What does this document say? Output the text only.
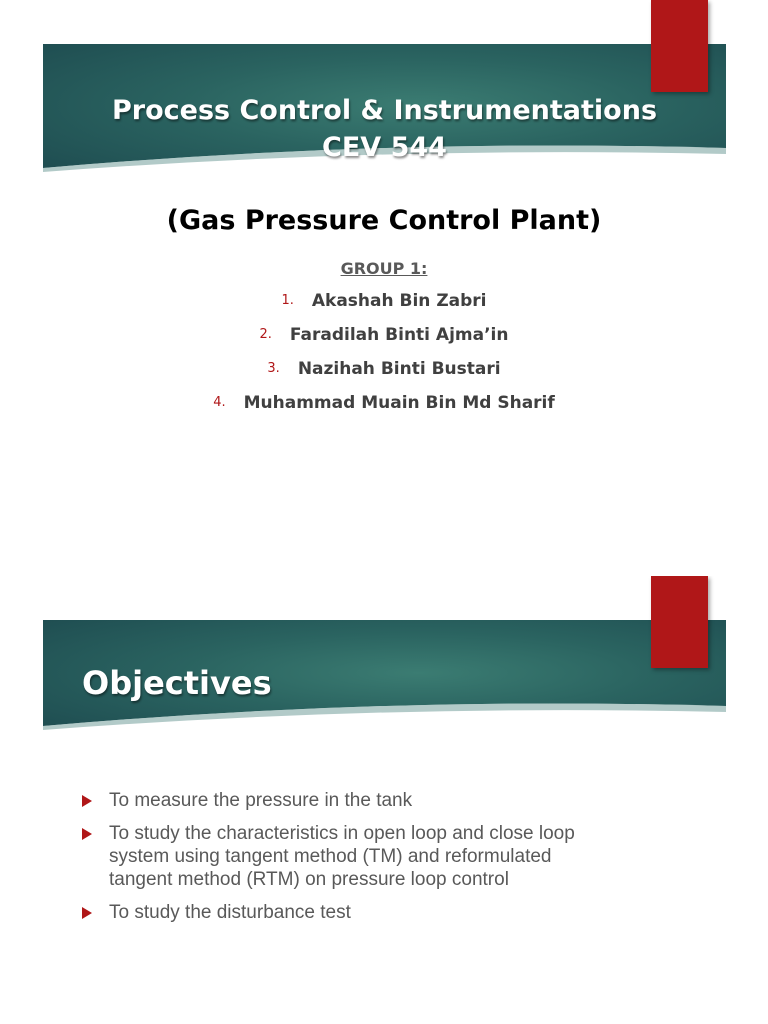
Process Control & Instrumentations
CEV 544
(Gas Pressure Control Plant)
GROUP 1:
1. Akashah Bin Zabri
2. Faradilah Binti Ajma’in
3. Nazihah Binti Bustari
4. Muhammad Muain Bin Md Sharif
Objectives
To measure the pressure in the tank
To study the characteristics in open loop and close loop system using tangent method (TM) and reformulated tangent method (RTM) on pressure loop control
To study the disturbance test
